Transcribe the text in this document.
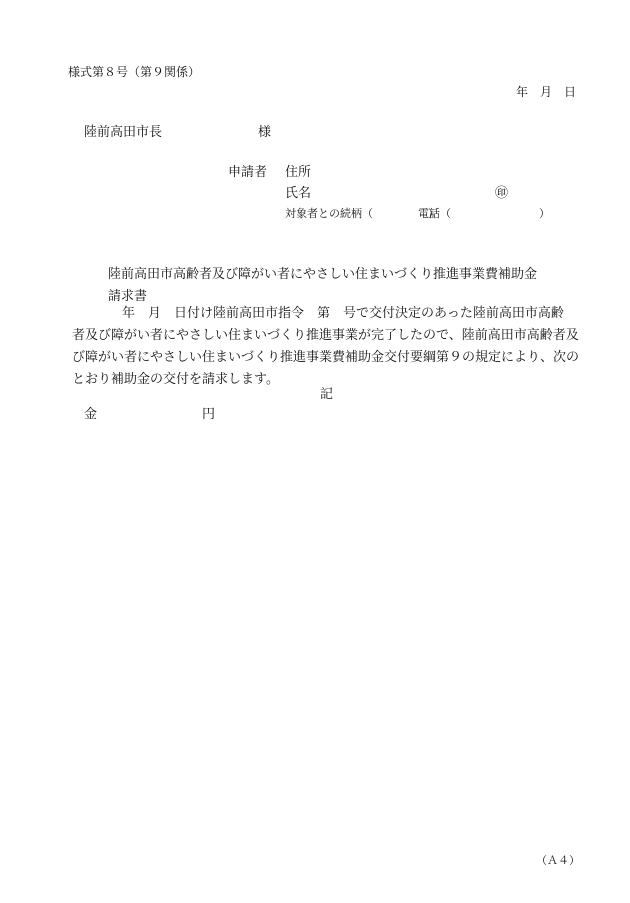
様式第８号（第９関係）
年　月　日
陸前高田市長	様
申請者 住所
氏名	㊞
対象者との続柄（　　　　　）
電話（　　　　　　　　）
陸前高田市高齢者及び障がい者にやさしい住まいづくり推進事業費補助金
請求書
　　年　月　日付け陸前高田市指令　第　号で交付決定のあった陸前高田市高齢
者及び障がい者にやさしい住まいづくり推進事業が完了したので、陸前高田市高齢者及
び障がい者にやさしい住まいづくり推進事業費補助金交付要綱第９の規定により、次の
とおり補助金の交付を請求します。
記
金	円
（Ａ４）
